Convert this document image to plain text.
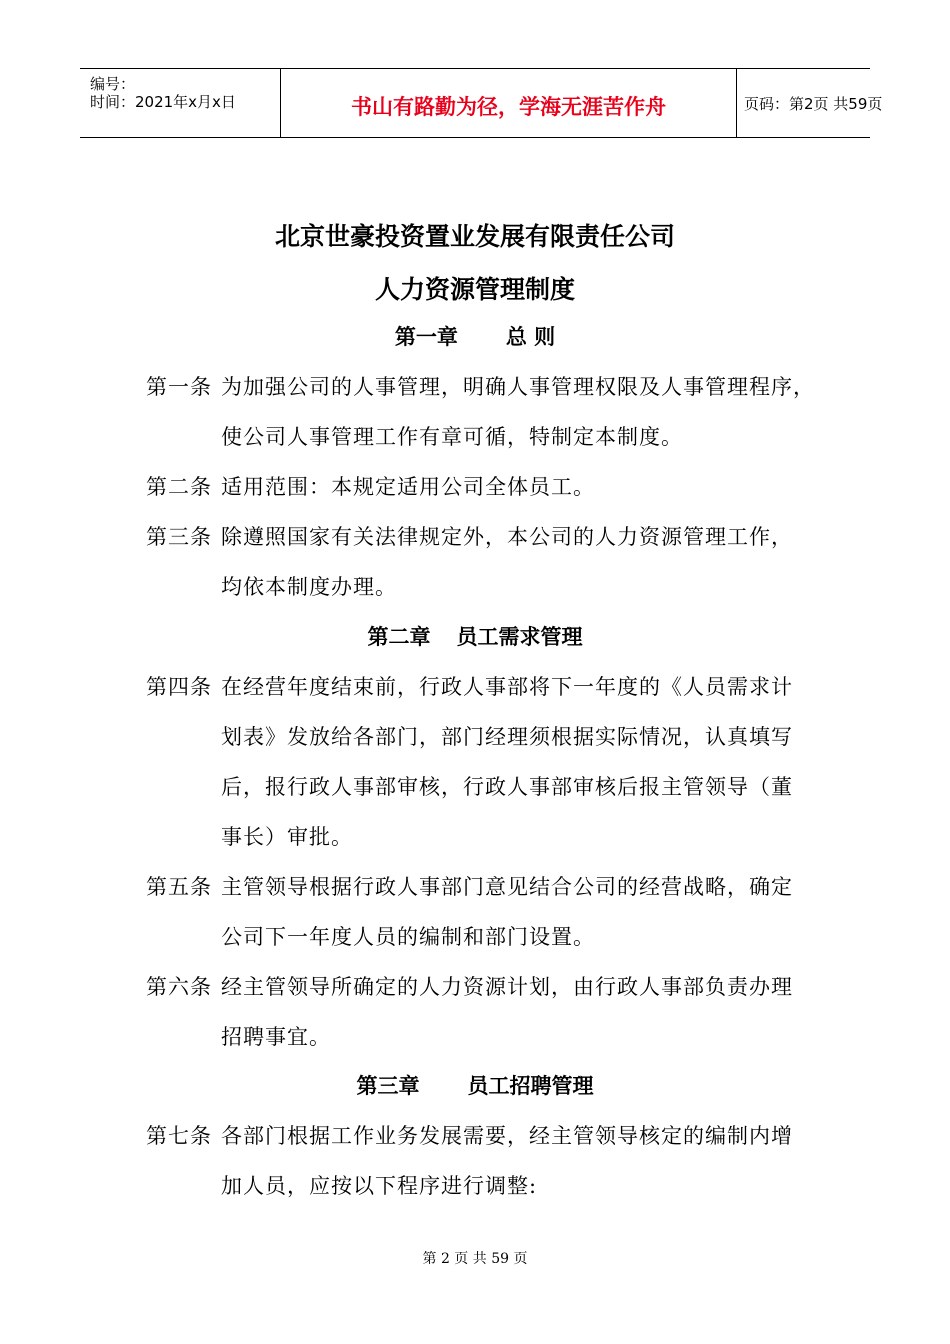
编号：
时间：2021年x月x日	书山有路勤为径，学海无涯苦作舟	页码：第2页 共59页
北京世豪投资置业发展有限责任公司
人力资源管理制度
第一章 总 则
第一条 为加强公司的人事管理，明确人事管理权限及人事管理程序，
使公司人事管理工作有章可循，特制定本制度。
第二条 适用范围：本规定适用公司全体员工。
第三条 除遵照国家有关法律规定外，本公司的人力资源管理工作，
均依本制度办理。
第二章 员工需求管理
第四条 在经营年度结束前，行政人事部将下一年度的《人员需求计
划表》发放给各部门，部门经理须根据实际情况，认真填写
后，报行政人事部审核，行政人事部审核后报主管领导（董
事长）审批。
第五条 主管领导根据行政人事部门意见结合公司的经营战略，确定
公司下一年度人员的编制和部门设置。
第六条 经主管领导所确定的人力资源计划，由行政人事部负责办理
招聘事宜。
第三章 员工招聘管理
第七条 各部门根据工作业务发展需要，经主管领导核定的编制内增
加人员，应按以下程序进行调整:
第 2 页 共 59 页
